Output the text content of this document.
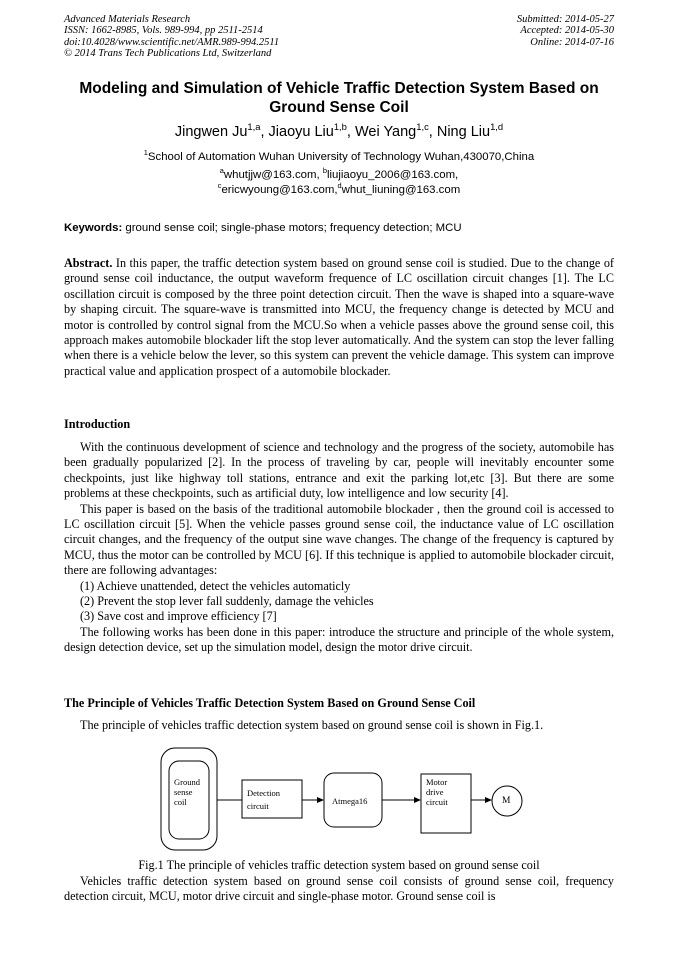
Advanced Materials Research
ISSN: 1662-8985, Vols. 989-994, pp 2511-2514
doi:10.4028/www.scientific.net/AMR.989-994.2511
© 2014 Trans Tech Publications Ltd, Switzerland
Submitted: 2014-05-27
Accepted: 2014-05-30
Online: 2014-07-16
Modeling and Simulation of Vehicle Traffic Detection System Based on Ground Sense Coil
Jingwen Ju$^{1,a}$, Jiaoyu Liu$^{1,b}$, Wei Yang$^{1,c}$, Ning Liu$^{1,d}$
$^1$School of Automation Wuhan University of Technology Wuhan,430070,China
$^a$whutjjw@163.com, $^b$liujiaoyu_2006@163.com,
$^c$ericwyoung@163.com,$^d$whut_liuning@163.com
Keywords: ground sense coil; single-phase motors; frequency detection; MCU

Abstract. In this paper, the traffic detection system based on ground sense coil is studied. Due to the change of ground sense coil inductance, the output waveform frequence of LC oscillation circuit changes [1]. The LC oscillation circuit is composed by the three point detection circuit. Then the wave is shaped into a square-wave by shaping circuit. The square-wave is transmitted into MCU, the frequency change is detected by MCU and motor is controlled by control signal from the MCU.So when a vehicle passes above the ground sense coil, this approach makes automobile blockader lift the stop lever automatically. And the system can stop the lever falling when there is a vehicle below the lever, so this system can prevent the vehicle damage. This system can improve practical value and application prospect of a automobile blockader.

Introduction

With the continuous development of science and technology and the progress of the society, automobile has been gradually popularized [2]. In the process of traveling by car, people will inevitably encounter some checkpoints, just like highway toll stations, entrance and exit the parking lot,etc [3]. But there are some problems at these checkpoints, such as artificial duty, low intelligence and low security [4].

This paper is based on the basis of the traditional automobile blockader , then the ground coil is accessed to LC oscillation circuit [5]. When the vehicle passes ground sense coil, the inductance value of LC oscillation circuit changes, and the frequency of the output sine wave changes. The change of the frequency is captured by MCU, thus the motor can be controlled by MCU [6]. If this technique is applied to automobile blockader circuit, there are following advantages:

(1) Achieve unattended, detect the vehicles automaticly

(2) Prevent the stop lever fall suddenly, damage the vehicles

(3) Save cost and improve efficiency [7]

The following works has been done in this paper: introduce the structure and principle of the whole system, design detection device, set up the simulation model, design the motor drive circuit.

The Principle of Vehicles Traffic Detection System Based on Ground Sense Coil

The principle of vehicles traffic detection system based on ground sense coil is shown in Fig.1.

Ground
sense
coil
Detection
circuit	Atmega16
Motor
drive
circuit	M
Fig.1 The principle of vehicles traffic detection system based on ground sense coil

Vehicles traffic detection system based on ground sense coil consists of ground sense coil, frequency detection circuit, MCU, motor drive circuit and single-phase motor. Ground sense coil is
